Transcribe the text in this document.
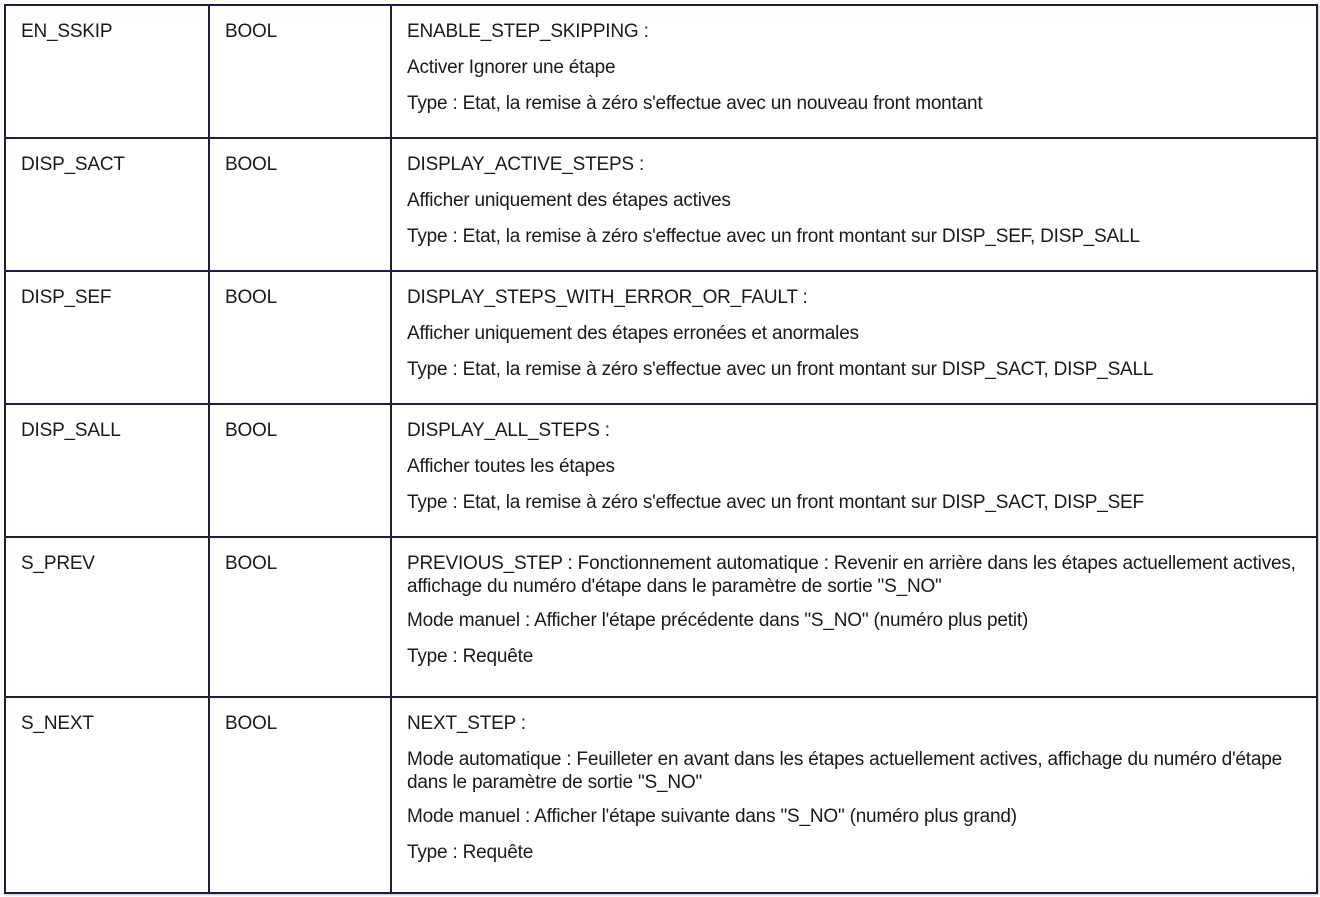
EN_SSKIP	BOOL	ENABLE_STEP_SKIPPING :

Activer Ignorer une étape

Type : Etat, la remise à zéro s'effectue avec un nouveau front montant

DISP_SACT	BOOL	DISPLAY_ACTIVE_STEPS :

Afficher uniquement des étapes actives

Type : Etat, la remise à zéro s'effectue avec un front montant sur DISP_SEF, DISP_SALL

DISP_SEF	BOOL	DISPLAY_STEPS_WITH_ERROR_OR_FAULT :

Afficher uniquement des étapes erronées et anormales

Type : Etat, la remise à zéro s'effectue avec un front montant sur DISP_SACT, DISP_SALL

DISP_SALL	BOOL	DISPLAY_ALL_STEPS :

Afficher toutes les étapes

Type : Etat, la remise à zéro s'effectue avec un front montant sur DISP_SACT, DISP_SEF

S_PREV	BOOL	PREVIOUS_STEP : Fonctionnement automatique : Revenir en arrière dans les étapes actuellement actives, affichage du numéro d'étape dans le paramètre de sortie "S_NO"

Mode manuel : Afficher l'étape précédente dans "S_NO" (numéro plus petit)

Type : Requête

S_NEXT	BOOL	NEXT_STEP :

Mode automatique : Feuilleter en avant dans les étapes actuellement actives, affichage du numéro d'étape dans le paramètre de sortie "S_NO"

Mode manuel : Afficher l'étape suivante dans "S_NO" (numéro plus grand)

Type : Requête
